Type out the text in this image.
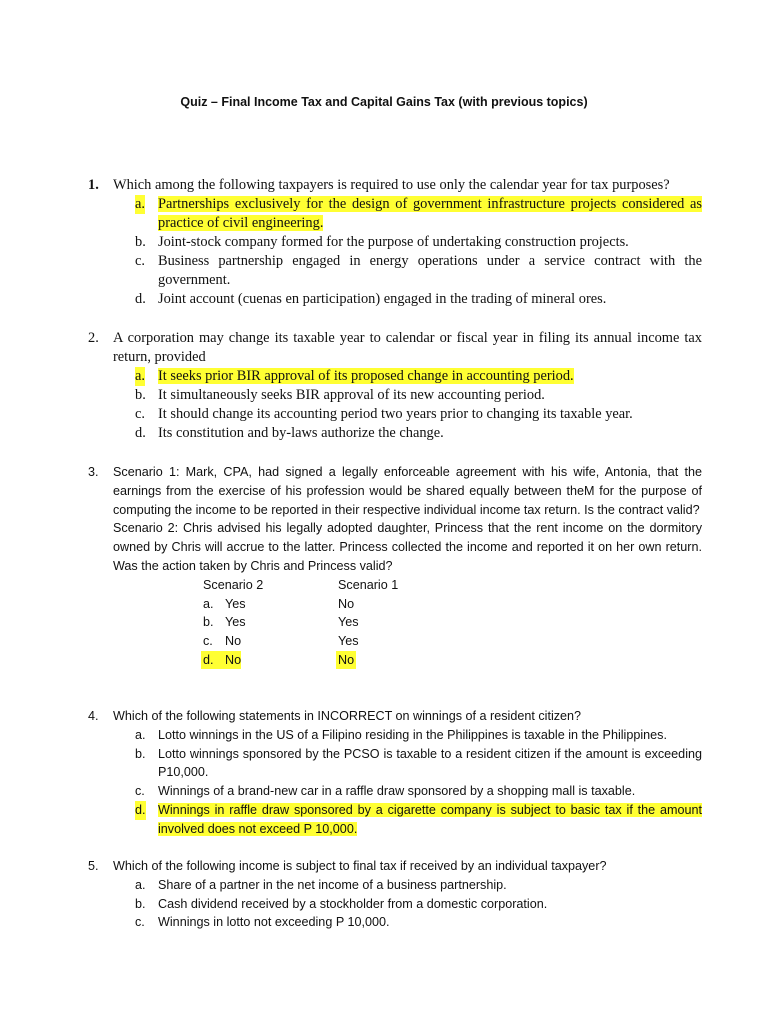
Quiz – Final Income Tax and Capital Gains Tax (with previous topics)
1. Which among the following taxpayers is required to use only the calendar year for tax purposes?
a. Partnerships exclusively for the design of government infrastructure projects considered as practice of civil engineering.
b. Joint-stock company formed for the purpose of undertaking construction projects.
c. Business partnership engaged in energy operations under a service contract with the government.
d. Joint account (cuenas en participation) engaged in the trading of mineral ores.
2. A corporation may change its taxable year to calendar or fiscal year in filing its annual income tax return, provided
a. It seeks prior BIR approval of its proposed change in accounting period.
b. It simultaneously seeks BIR approval of its new accounting period.
c. It should change its accounting period two years prior to changing its taxable year.
d. Its constitution and by-laws authorize the change.
3. Scenario 1: Mark, CPA, had signed a legally enforceable agreement with his wife, Antonia, that the earnings from the exercise of his profession would be shared equally between theM for the purpose of computing the income to be reported in their respective individual income tax return. Is the contract valid?
Scenario 2: Chris advised his legally adopted daughter, Princess that the rent income on the dormitory owned by Chris will accrue to the latter. Princess collected the income and reported it on her own return. Was the action taken by Chris and Princess valid?
Scenario 2	Scenario 1
a. Yes	No
b. Yes	Yes
c. No	Yes
d. No	No
4. Which of the following statements in INCORRECT on winnings of a resident citizen?
a. Lotto winnings in the US of a Filipino residing in the Philippines is taxable in the Philippines.
b. Lotto winnings sponsored by the PCSO is taxable to a resident citizen if the amount is exceeding P10,000.
c. Winnings of a brand-new car in a raffle draw sponsored by a shopping mall is taxable.
d. Winnings in raffle draw sponsored by a cigarette company is subject to basic tax if the amount involved does not exceed P 10,000.
5. Which of the following income is subject to final tax if received by an individual taxpayer?
a. Share of a partner in the net income of a business partnership.
b. Cash dividend received by a stockholder from a domestic corporation.
c. Winnings in lotto not exceeding P 10,000.
